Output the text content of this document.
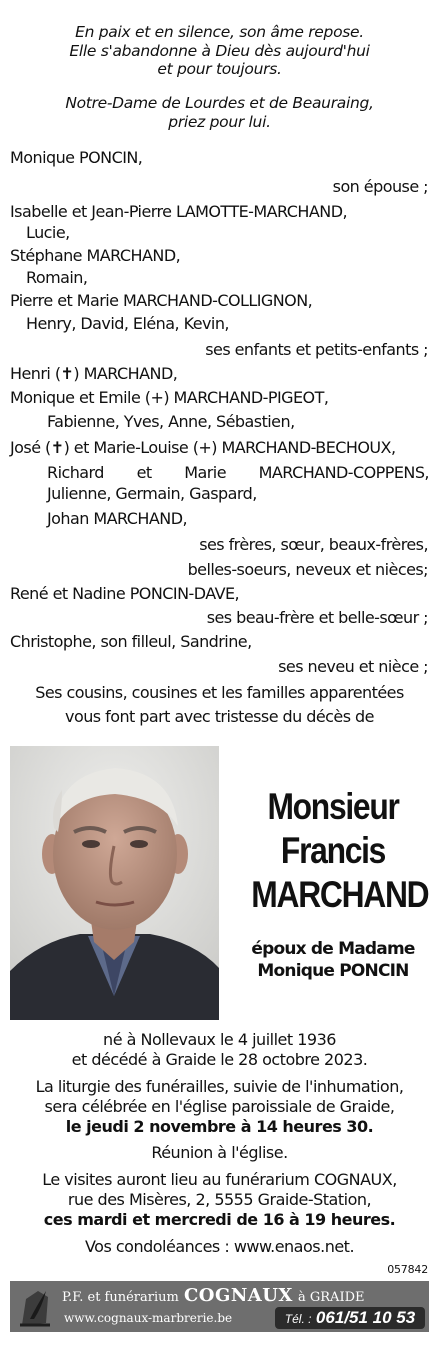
En paix et en silence, son âme repose.
Elle s'abandonne à Dieu dès aujourd'hui
et pour toujours.
Notre-Dame de Lourdes et de Beauraing,
priez pour lui.
Monique PONCIN,
son épouse ;
Isabelle et Jean-Pierre LAMOTTE-MARCHAND,
Lucie,
Stéphane MARCHAND,
Romain,
Pierre et Marie MARCHAND-COLLIGNON,
Henry, David, Eléna, Kevin,
ses enfants et petits-enfants ;
Henri (✝) MARCHAND,
Monique et Emile (+) MARCHAND-PIGEOT,
Fabienne, Yves, Anne, Sébastien,
José (✝) et Marie-Louise (+) MARCHAND-BECHOUX,
Richard et Marie MARCHAND-COPPENS,
Julienne, Germain, Gaspard,
Johan MARCHAND,
ses frères, sœur, beaux-frères,
belles-soeurs, neveux et nièces;
René et Nadine PONCIN-DAVE,
ses beau-frère et belle-sœur ;
Christophe, son filleul, Sandrine,
ses neveu et nièce ;
Ses cousins, cousines et les familles apparentées
vous font part avec tristesse du décès de
Monsieur
Francis
MARCHAND
époux de Madame
Monique PONCIN
né à Nollevaux le 4 juillet 1936
et décédé à Graide le 28 octobre 2023.
La liturgie des funérailles, suivie de l'inhumation,
sera célébrée en l'église paroissiale de Graide,
le jeudi 2 novembre à 14 heures 30.
Réunion à l'église.
Le visites auront lieu au funérarium COGNAUX,
rue des Misères, 2, 5555 Graide-Station,
ces mardi et mercredi de 16 à 19 heures.
Vos condoléances : www.enaos.net.
057842
P.F. et funérarium COGNAUX à GRAIDE
www.cognaux-marbrerie.be	Tél. : 061/51 10 53
